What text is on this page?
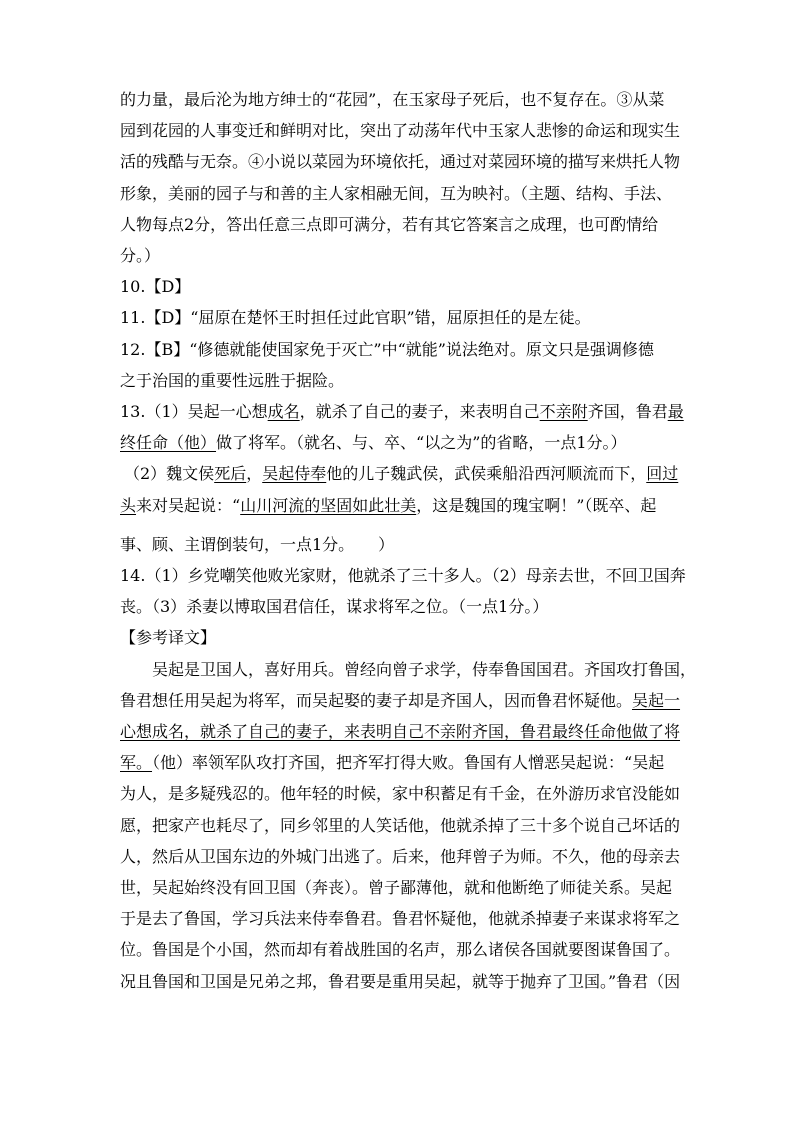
的力量，最后沦为地方绅士的“花园”，在玉家母子死后，也不复存在。③从菜

园到花园的人事变迁和鲜明对比，突出了动荡年代中玉家人悲惨的命运和现实生

活的残酷与无奈。④小说以菜园为环境依托，通过对菜园环境的描写来烘托人物

形象，美丽的园子与和善的主人家相融无间，互为映衬。（主题、结构、手法、

人物每点2分，答出任意三点即可满分，若有其它答案言之成理，也可酌情给

分。）

10.【D】

11.【D】“屈原在楚怀王时担任过此官职”错，屈原担任的是左徒。

12.【B】“修德就能使国家免于灭亡”中“就能”说法绝对。原文只是强调修德

之于治国的重要性远胜于据险。

13.（1）吴起一心想成名，就杀了自己的妻子，来表明自己不亲附齐国，鲁君最

终任命（他）做了将军。（就名、与、卒、“以之为”的省略，一点1分。）

（2）魏文侯死后，吴起侍奉他的儿子魏武侯，武侯乘船沿西河顺流而下，回过

头来对吴起说：“山川河流的坚固如此壮美，这是魏国的瑰宝啊！”（既卒、起

事、顾、主谓倒装句，一点1分。　　）

14.（1）乡党嘲笑他败光家财，他就杀了三十多人。（2）母亲去世，不回卫国奔

丧。（3）杀妻以博取国君信任，谋求将军之位。（一点1分。）

【参考译文】

吴起是卫国人，喜好用兵。曾经向曾子求学，侍奉鲁国国君。齐国攻打鲁国，

鲁君想任用吴起为将军，而吴起娶的妻子却是齐国人，因而鲁君怀疑他。吴起一

心想成名，就杀了自己的妻子，来表明自己不亲附齐国，鲁君最终任命他做了将

军。（他）率领军队攻打齐国，把齐军打得大败。鲁国有人憎恶吴起说：“吴起

为人，是多疑残忍的。他年轻的时候，家中积蓄足有千金，在外游历求官没能如

愿，把家产也耗尽了，同乡邻里的人笑话他，他就杀掉了三十多个说自己坏话的

人，然后从卫国东边的外城门出逃了。后来，他拜曾子为师。不久，他的母亲去

世，吴起始终没有回卫国（奔丧）。曾子鄙薄他，就和他断绝了师徒关系。吴起

于是去了鲁国，学习兵法来侍奉鲁君。鲁君怀疑他，他就杀掉妻子来谋求将军之

位。鲁国是个小国，然而却有着战胜国的名声，那么诸侯各国就要图谋鲁国了。

况且鲁国和卫国是兄弟之邦，鲁君要是重用吴起，就等于抛弃了卫国。”鲁君（因
